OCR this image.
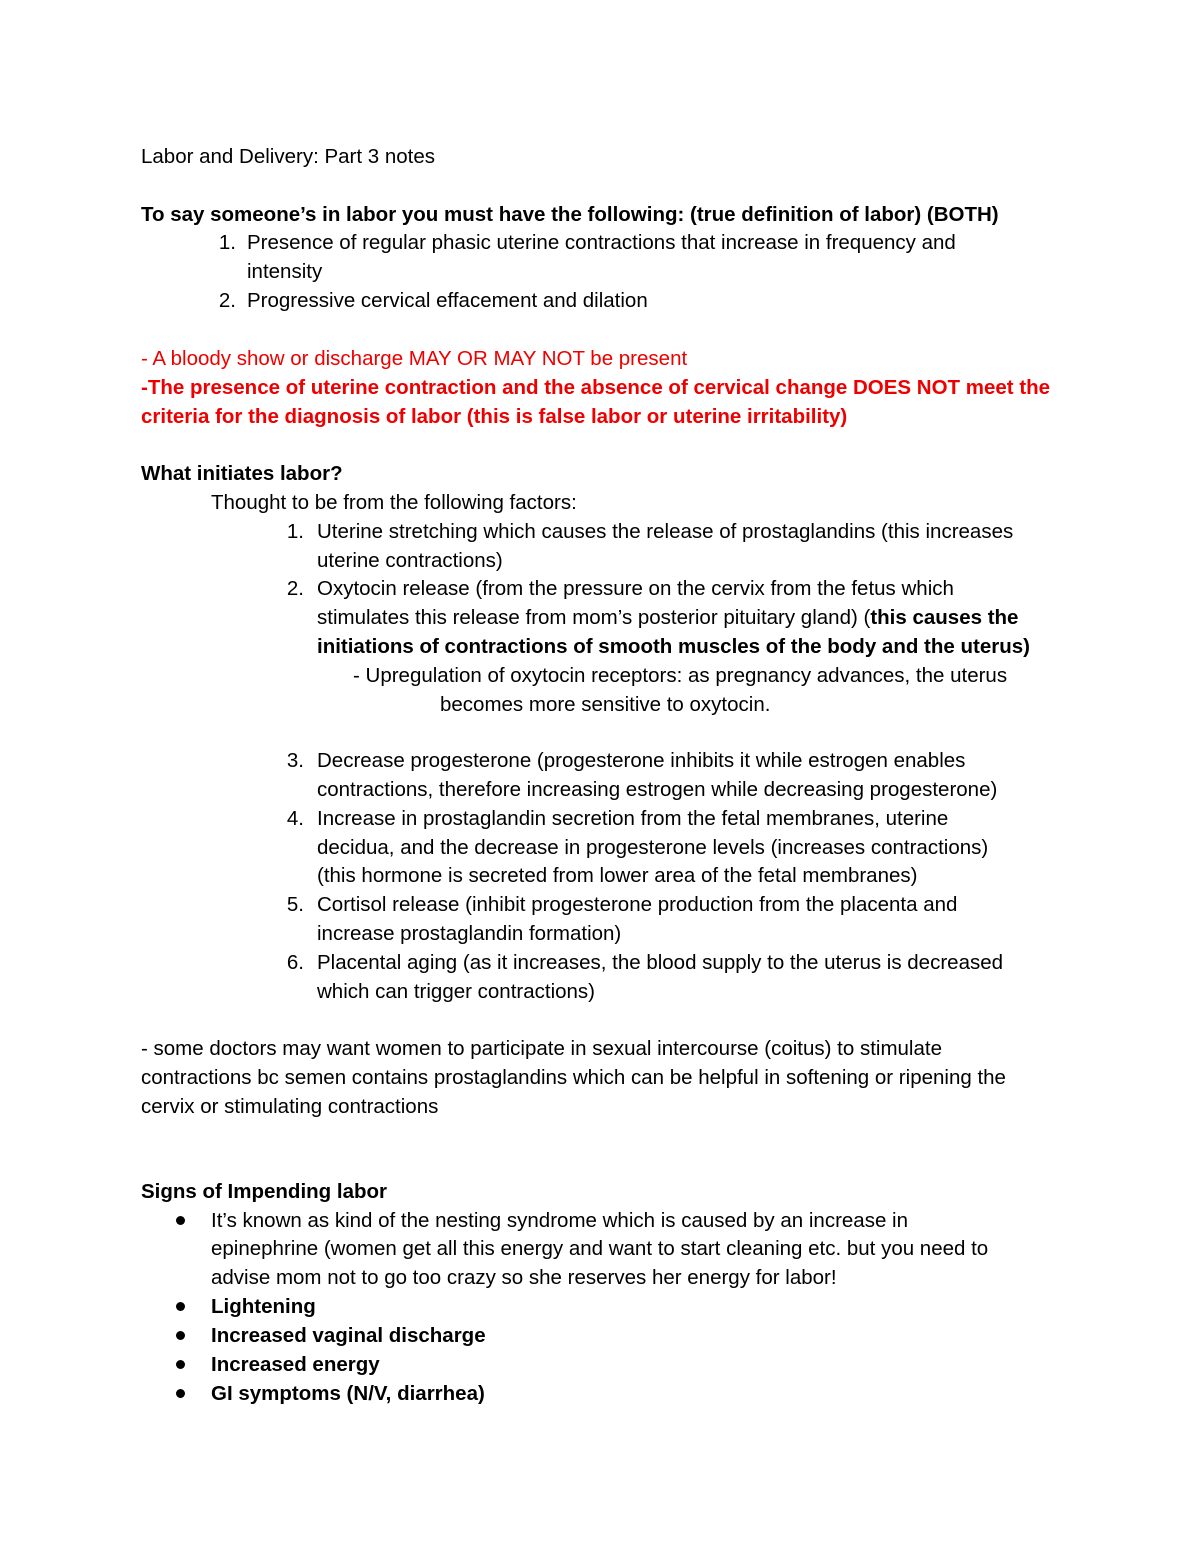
Labor and Delivery: Part 3 notes
To say someone’s in labor you must have the following: (true definition of labor) (BOTH)
1. Presence of regular phasic uterine contractions that increase in frequency and
intensity
2. Progressive cervical effacement and dilation
- A bloody show or discharge MAY OR MAY NOT be present
-The presence of uterine contraction and the absence of cervical change DOES NOT meet the
criteria for the diagnosis of labor (this is false labor or uterine irritability)
What initiates labor?
Thought to be from the following factors:
1. Uterine stretching which causes the release of prostaglandins (this increases
uterine contractions)
2. Oxytocin release (from the pressure on the cervix from the fetus which
stimulates this release from mom’s posterior pituitary gland) (this causes the
initiations of contractions of smooth muscles of the body and the uterus)
- Upregulation of oxytocin receptors: as pregnancy advances, the uterus
becomes more sensitive to oxytocin.
3. Decrease progesterone (progesterone inhibits it while estrogen enables
contractions, therefore increasing estrogen while decreasing progesterone)
4. Increase in prostaglandin secretion from the fetal membranes, uterine
decidua, and the decrease in progesterone levels (increases contractions)
(this hormone is secreted from lower area of the fetal membranes)
5. Cortisol release (inhibit progesterone production from the placenta and
increase prostaglandin formation)
6. Placental aging (as it increases, the blood supply to the uterus is decreased
which can trigger contractions)
- some doctors may want women to participate in sexual intercourse (coitus) to stimulate
contractions bc semen contains prostaglandins which can be helpful in softening or ripening the
cervix or stimulating contractions
Signs of Impending labor
It’s known as kind of the nesting syndrome which is caused by an increase in
epinephrine (women get all this energy and want to start cleaning etc. but you need to
advise mom not to go too crazy so she reserves her energy for labor!
Lightening
Increased vaginal discharge
Increased energy
GI symptoms (N/V, diarrhea)
